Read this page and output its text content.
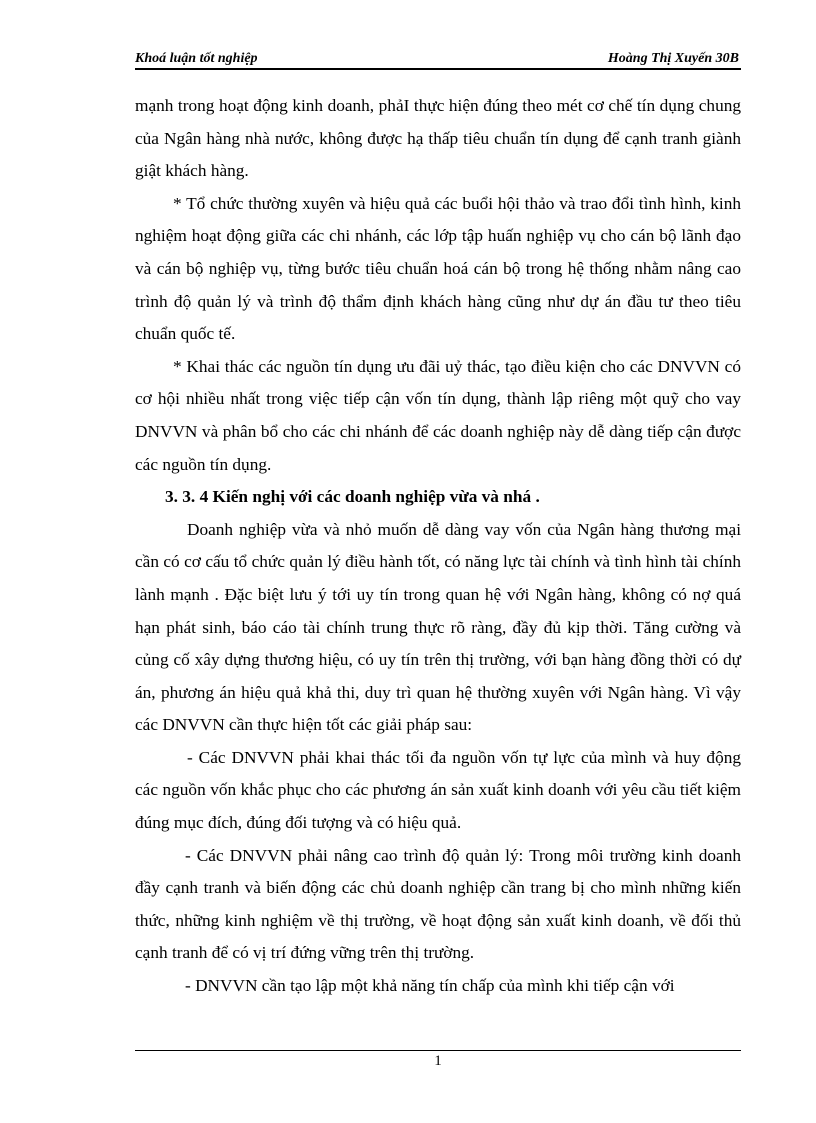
Khoá luận tốt nghiệp	Hoàng Thị Xuyến 30B

mạnh trong hoạt động kinh doanh, phảI thực hiện đúng theo mét cơ chế tín dụng chung của Ngân hàng nhà nước, không được hạ thấp tiêu chuẩn tín dụng để cạnh tranh giành giật khách hàng.

* Tổ chức thường xuyên và hiệu quả các buổi hội thảo và trao đổi tình hình, kinh nghiệm hoạt động giữa các chi nhánh, các lớp tập huấn nghiệp vụ cho cán bộ lãnh đạo và cán bộ nghiệp vụ, từng bước tiêu chuẩn hoá cán bộ trong hệ thống nhằm nâng cao trình độ quản lý và trình độ thẩm định khách hàng cũng như dự án đầu tư theo tiêu chuẩn quốc tế.

* Khai thác các nguồn tín dụng ưu đãi uỷ thác, tạo điều kiện cho các DNVVN có cơ hội nhiều nhất trong việc tiếp cận vốn tín dụng, thành lập riêng một quỹ cho vay DNVVN và phân bổ cho các chi nhánh để các doanh nghiệp này dễ dàng tiếp cận được các nguồn tín dụng.

3. 3. 4 Kiến nghị với các doanh nghiệp vừa và nhá .

Doanh nghiệp vừa và nhỏ muốn dễ dàng vay vốn của Ngân hàng thương mại cần có cơ cấu tổ chức quản lý điều hành tốt, có năng lực tài chính và tình hình tài chính lành mạnh . Đặc biệt lưu ý tới uy tín trong quan hệ với Ngân hàng, không có nợ quá hạn phát sinh, báo cáo tài chính trung thực rõ ràng, đầy đủ kịp thời. Tăng cường và củng cố xây dựng thương hiệu, có uy tín trên thị trường, với bạn hàng đồng thời có dự án, phương án hiệu quả khả thi, duy trì quan hệ thường xuyên với Ngân hàng. Vì vậy các DNVVN cần thực hiện tốt các giải pháp sau:

- Các DNVVN phải khai thác tối đa nguồn vốn tự lực của mình và huy động các nguồn vốn khắc phục cho các phương án sản xuất kinh doanh với yêu cầu tiết kiệm đúng mục đích, đúng đối tượng và có hiệu quả.

- Các DNVVN phải nâng cao trình độ quản lý: Trong môi trường kinh doanh đầy cạnh tranh và biến động các chủ doanh nghiệp cần trang bị cho mình những kiến thức, những kinh nghiệm về thị trường, về hoạt động sản xuất kinh doanh, về đối thủ cạnh tranh để có vị trí đứng vững trên thị trường.

- DNVVN cần tạo lập một khả năng tín chấp của mình khi tiếp cận với

1
